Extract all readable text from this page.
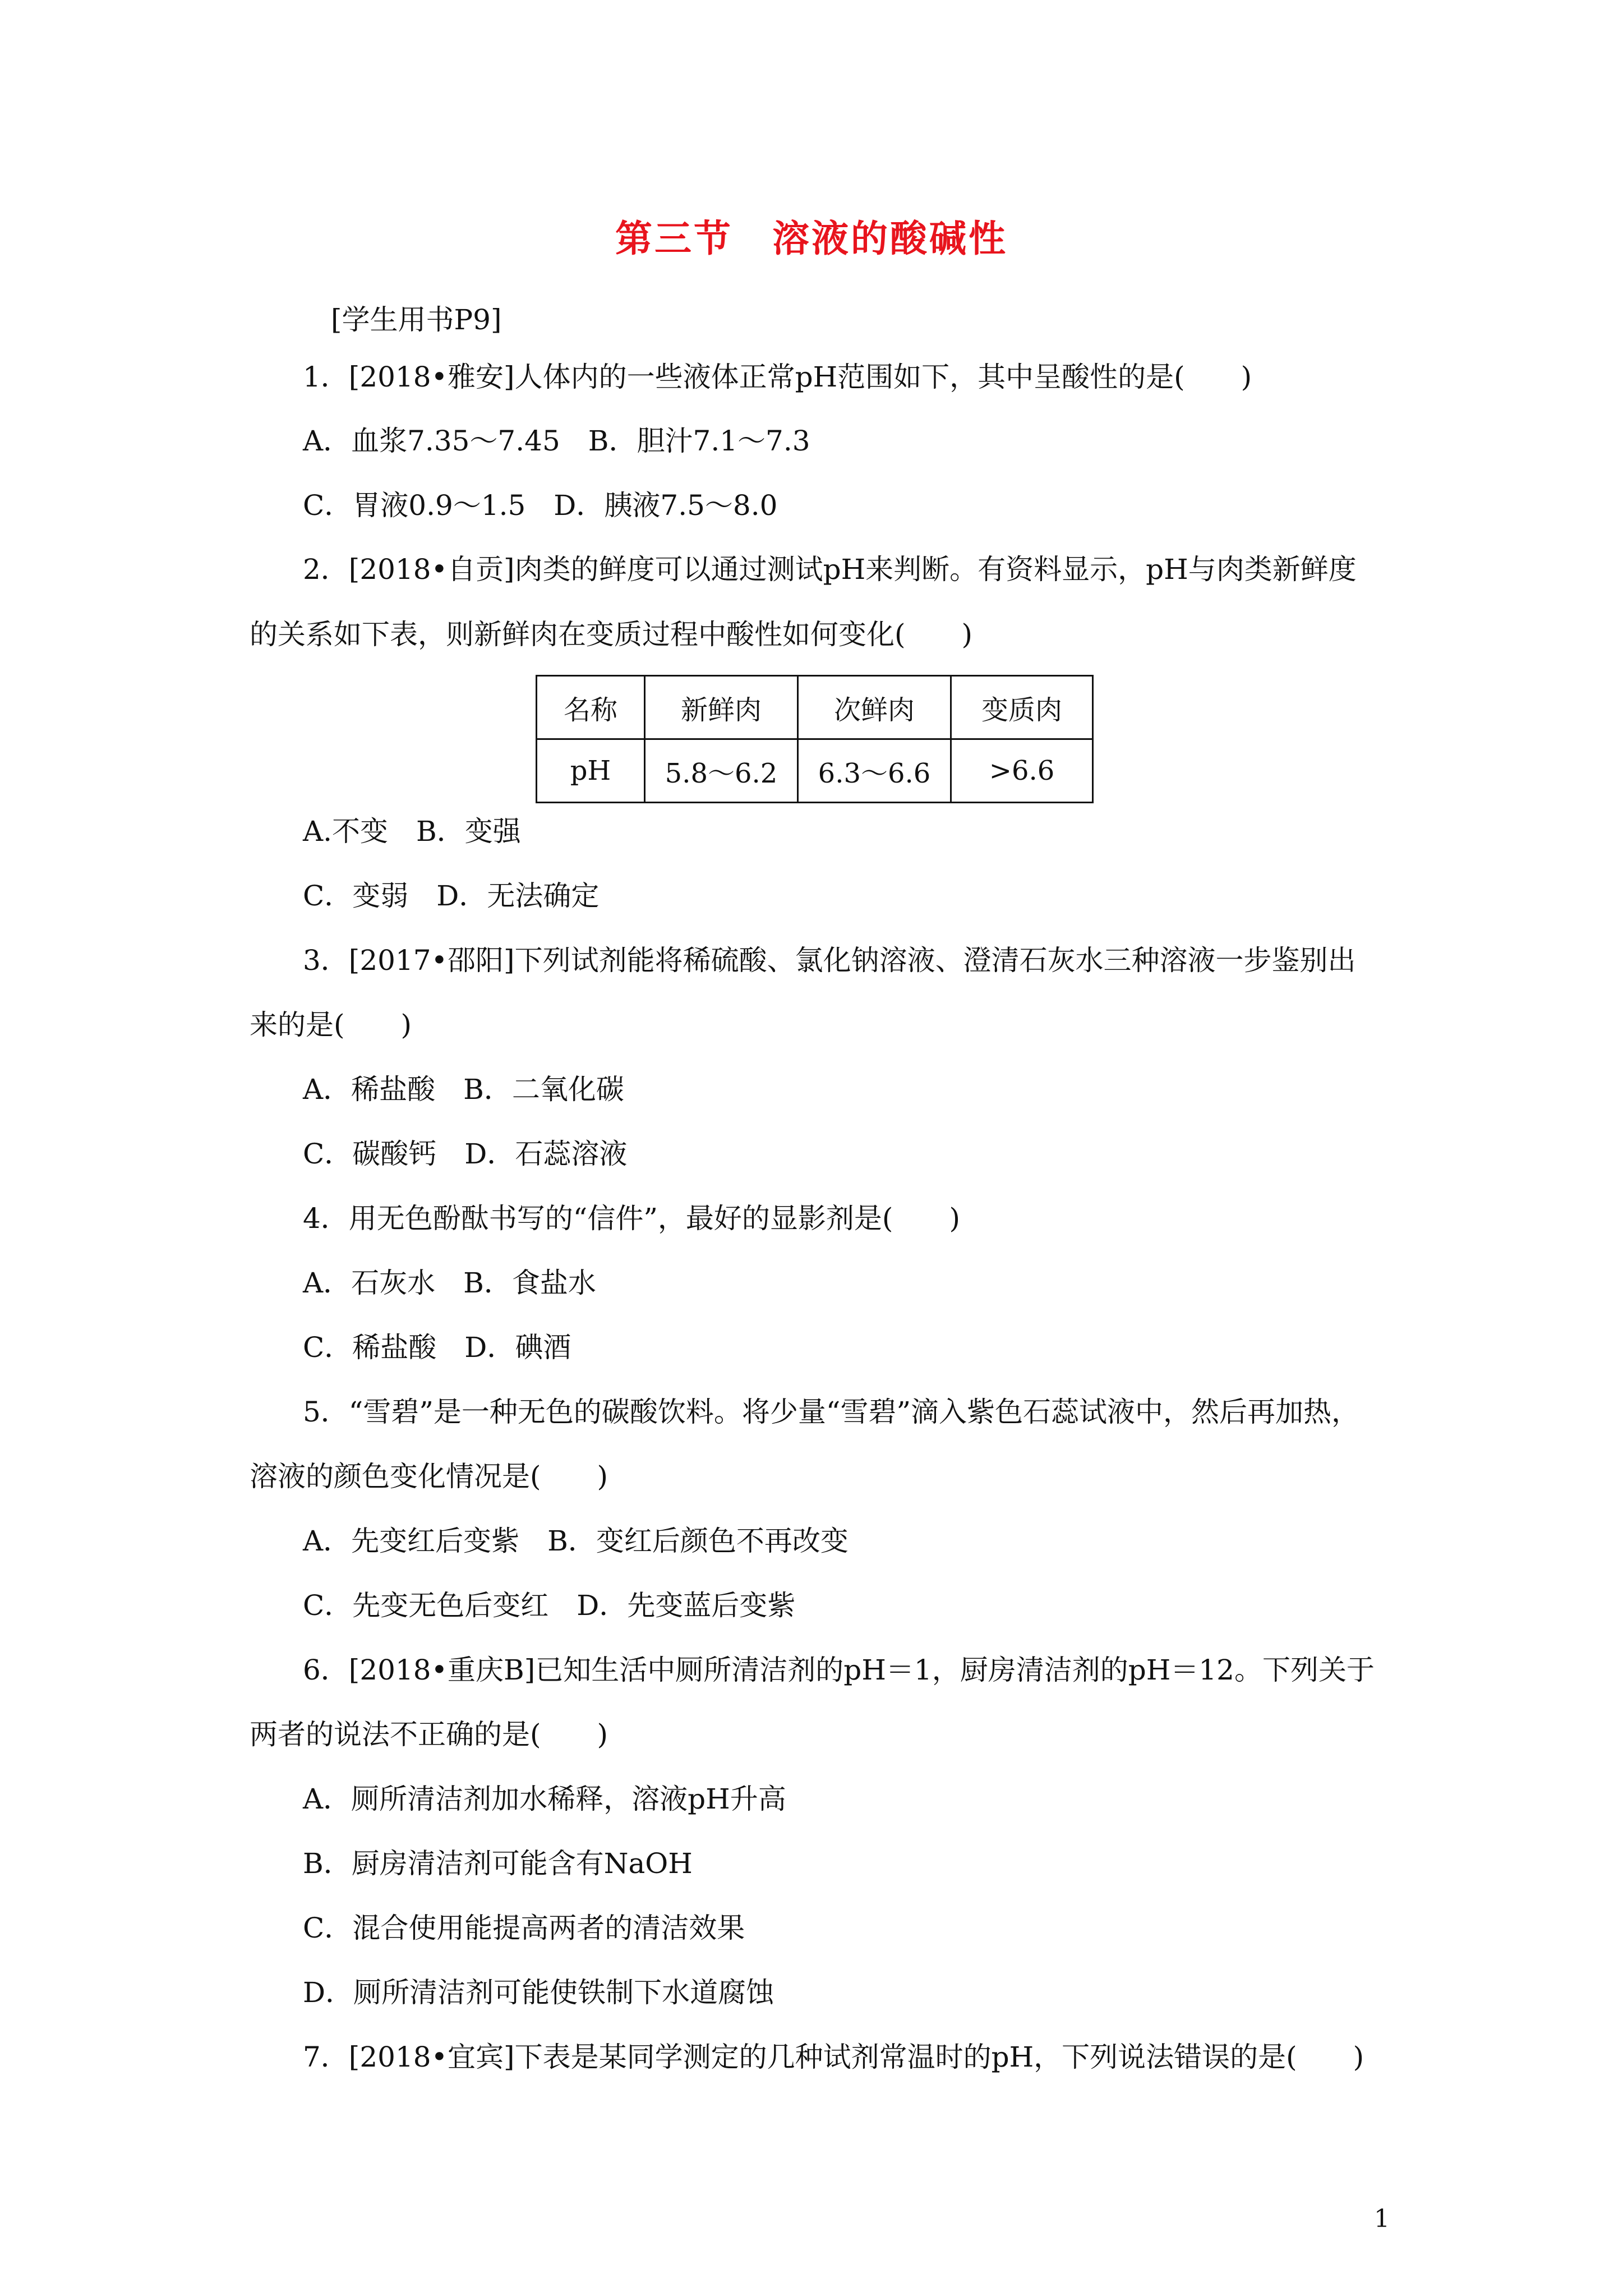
第三节　溶液的酸碱性
[学生用书P9]
1．[2018•雅安]人体内的一些液体正常pH范围如下，其中呈酸性的是(　　)
A．血浆7.35～7.45　B．胆汁7.1～7.3
C．胃液0.9～1.5　D．胰液7.5～8.0
2．[2018•自贡]肉类的鲜度可以通过测试pH来判断。有资料显示，pH与肉类新鲜度
的关系如下表，则新鲜肉在变质过程中酸性如何变化(　　)
名称	新鲜肉	次鲜肉	变质肉
pH	5.8～6.2	6.3～6.6	>6.6
A.不变　B．变强
C．变弱　D．无法确定
3．[2017•邵阳]下列试剂能将稀硫酸、氯化钠溶液、澄清石灰水三种溶液一步鉴别出
来的是(　　)
A．稀盐酸　B．二氧化碳
C．碳酸钙　D．石蕊溶液
4．用无色酚酞书写的“信件”，最好的显影剂是(　　)
A．石灰水　B．食盐水
C．稀盐酸　D．碘酒
5．“雪碧”是一种无色的碳酸饮料。将少量“雪碧”滴入紫色石蕊试液中，然后再加热，
溶液的颜色变化情况是(　　)
A．先变红后变紫　B．变红后颜色不再改变
C．先变无色后变红　D．先变蓝后变紫
6．[2018•重庆B]已知生活中厕所清洁剂的pH＝1，厨房清洁剂的pH＝12。下列关于
两者的说法不正确的是(　　)
A．厕所清洁剂加水稀释，溶液pH升高
B．厨房清洁剂可能含有NaOH
C．混合使用能提高两者的清洁效果
D．厕所清洁剂可能使铁制下水道腐蚀
7．[2018•宜宾]下表是某同学测定的几种试剂常温时的pH，下列说法错误的是(　　)
1
